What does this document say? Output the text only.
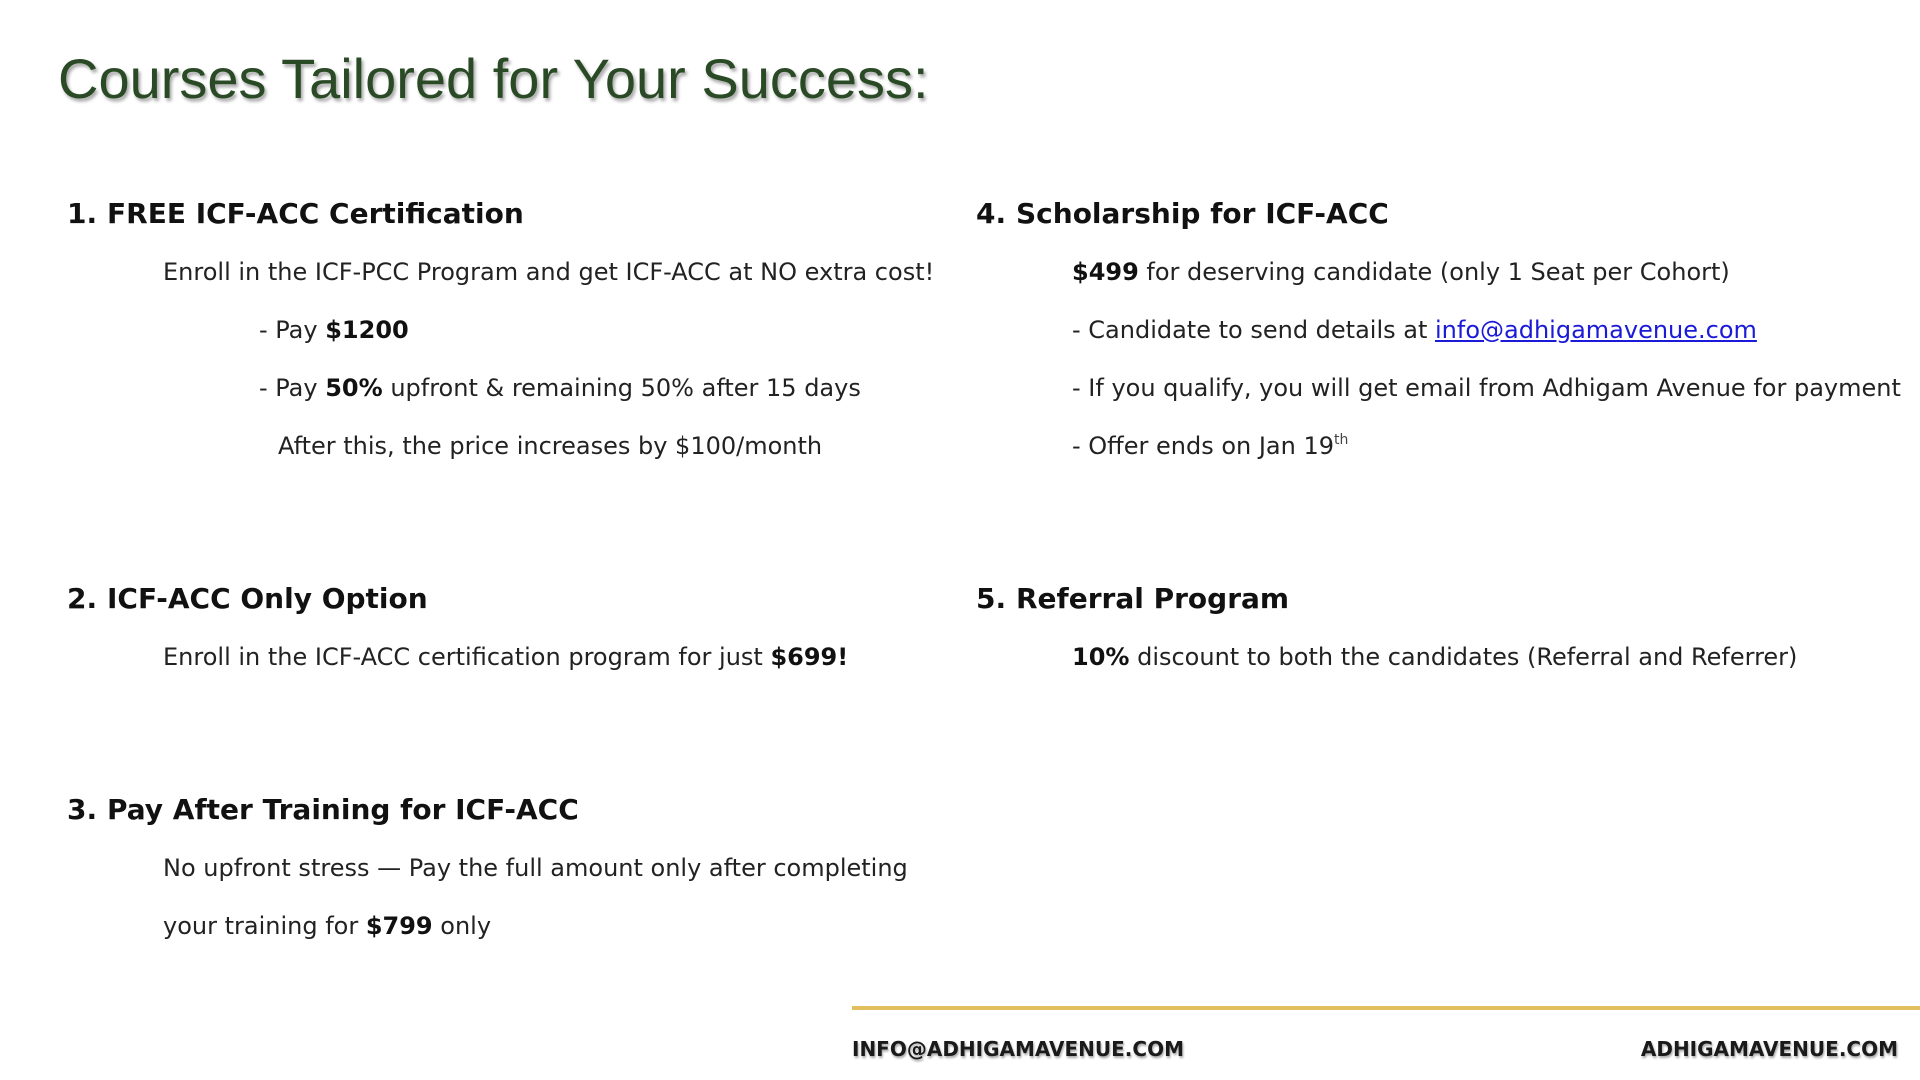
Courses Tailored for Your Success:
1. FREE ICF-ACC Certification
Enroll in the ICF-PCC Program and get ICF-ACC at NO extra cost!
- Pay $1200
- Pay 50% upfront & remaining 50% after 15 days
After this, the price increases by $100/month
2. ICF-ACC Only Option
Enroll in the ICF-ACC certification program for just $699!
3. Pay After Training for ICF-ACC
No upfront stress — Pay the full amount only after completing
your training for $799 only
4. Scholarship for ICF-ACC
$499 for deserving candidate (only 1 Seat per Cohort)
- Candidate to send details at info@adhigamavenue.com
- If you qualify, you will get email from Adhigam Avenue for payment
- Offer ends on Jan 19th
5. Referral Program
10% discount to both the candidates (Referral and Referrer)
INFO@ADHIGAMAVENUE.COM	ADHIGAMAVENUE.COM
